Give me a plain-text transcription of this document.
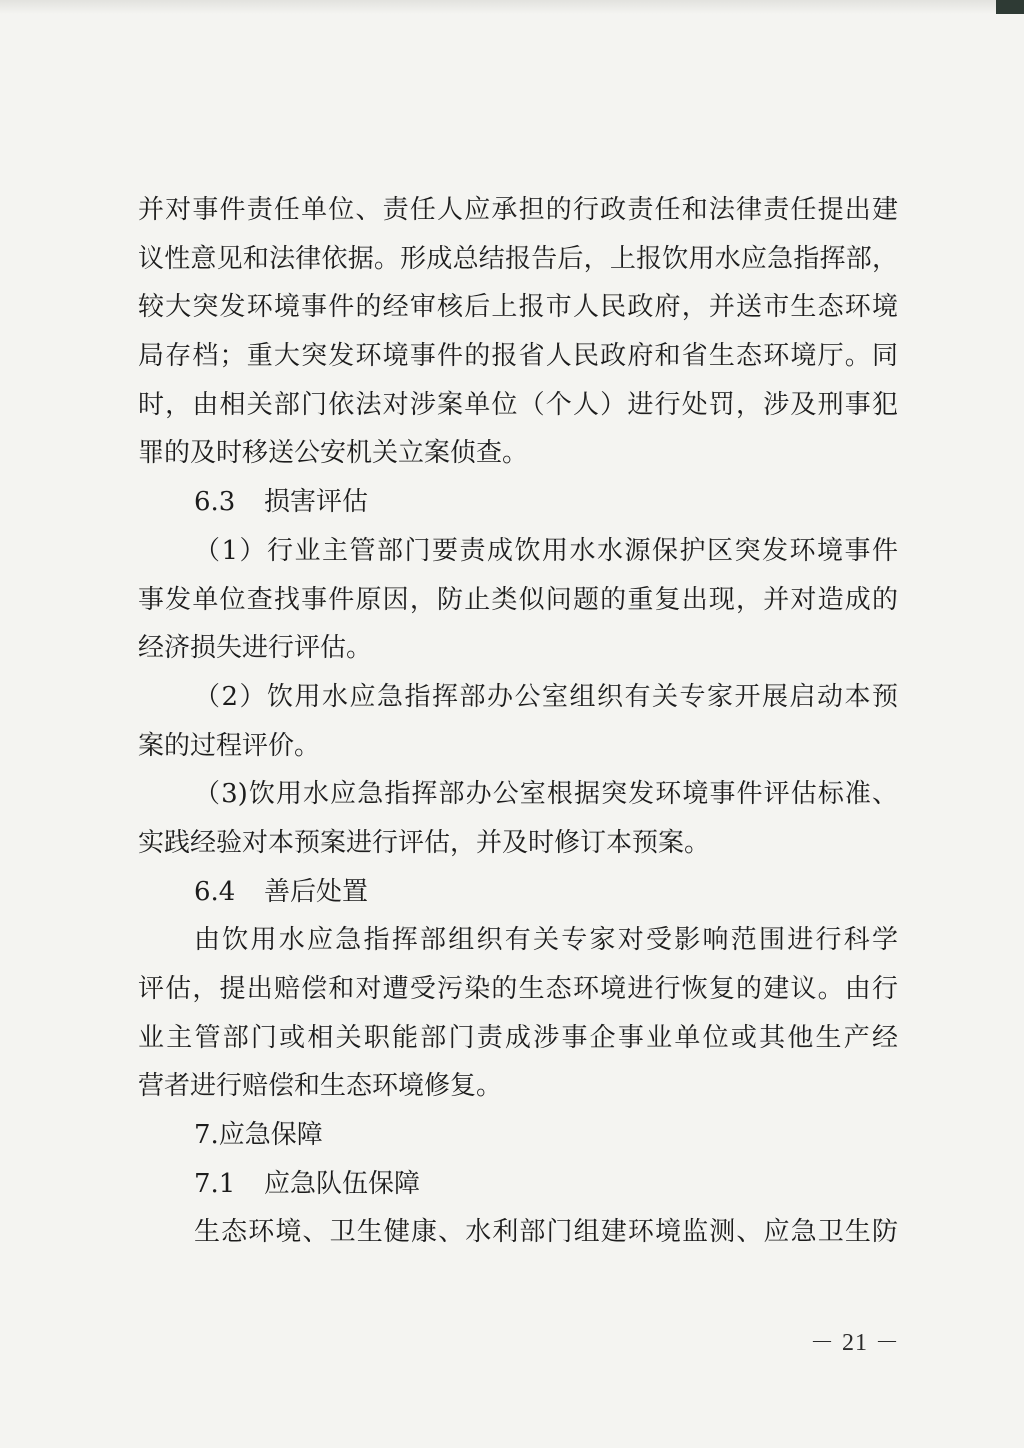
并对事件责任单位、责任人应承担的行政责任和法律责任提出建
议性意见和法律依据。形成总结报告后，上报饮用水应急指挥部，
较大突发环境事件的经审核后上报市人民政府，并送市生态环境
局存档；重大突发环境事件的报省人民政府和省生态环境厅。同
时，由相关部门依法对涉案单位（个人）进行处罚，涉及刑事犯
罪的及时移送公安机关立案侦查。
6.3 损害评估
（1）行业主管部门要责成饮用水水源保护区突发环境事件
事发单位查找事件原因，防止类似问题的重复出现，并对造成的
经济损失进行评估。
（2）饮用水应急指挥部办公室组织有关专家开展启动本预
案的过程评价。
（3)饮用水应急指挥部办公室根据突发环境事件评估标准、
实践经验对本预案进行评估，并及时修订本预案。
6.4 善后处置
由饮用水应急指挥部组织有关专家对受影响范围进行科学
评估，提出赔偿和对遭受污染的生态环境进行恢复的建议。由行
业主管部门或相关职能部门责成涉事企事业单位或其他生产经
营者进行赔偿和生态环境修复。
7.应急保障
7.1 应急队伍保障
生态环境、卫生健康、水利部门组建环境监测、应急卫生防
－ 21 －
